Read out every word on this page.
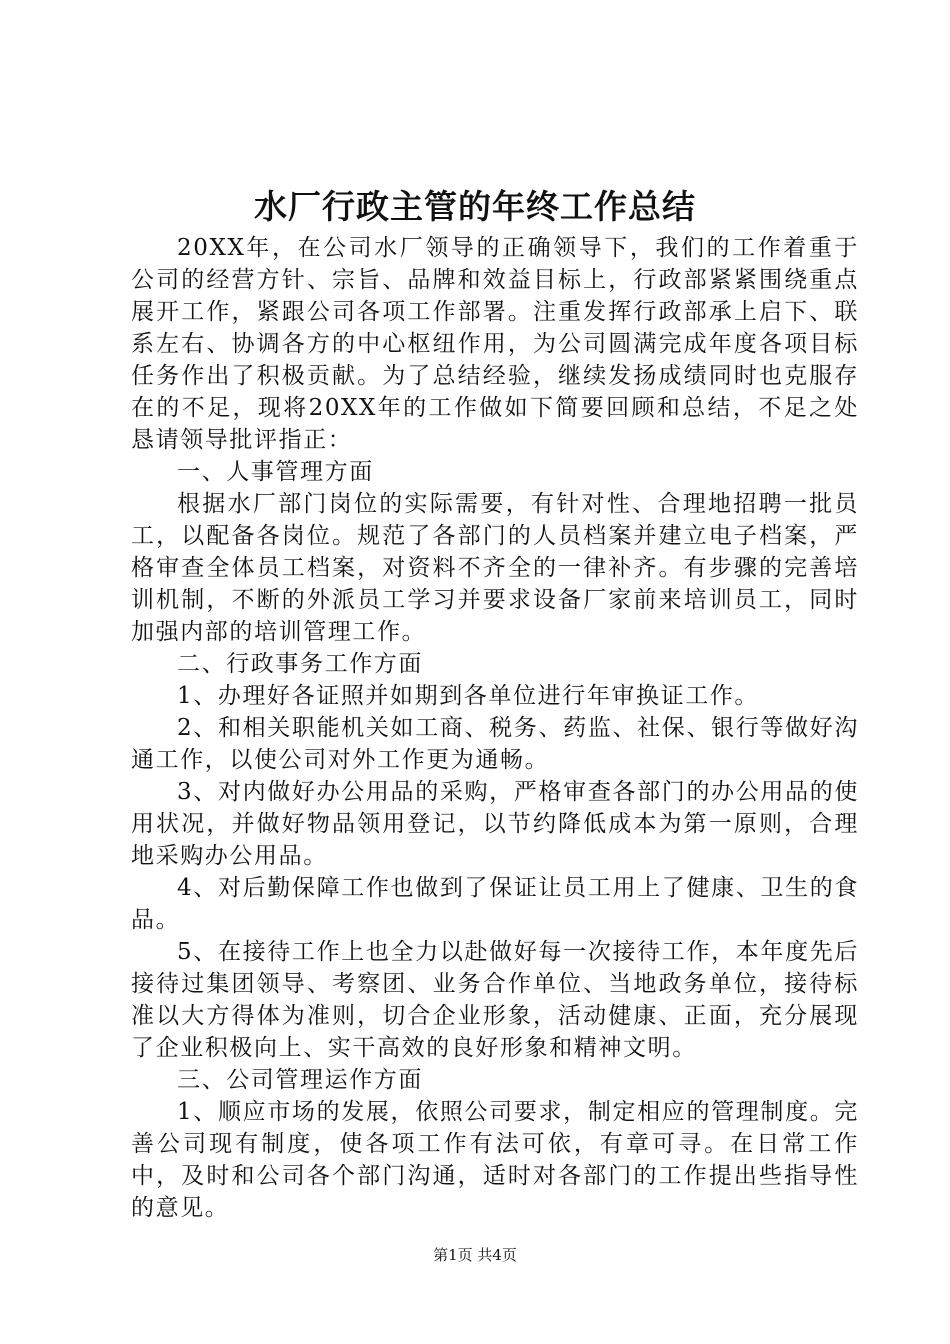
水厂行政主管的年终工作总结

20XX年，在公司水厂领导的正确领导下，我们的工作着重于公司的经营方针、宗旨、品牌和效益目标上，行政部紧紧围绕重点展开工作，紧跟公司各项工作部署。注重发挥行政部承上启下、联系左右、协调各方的中心枢纽作用，为公司圆满完成年度各项目标任务作出了积极贡献。为了总结经验，继续发扬成绩同时也克服存在的不足，现将20XX年的工作做如下简要回顾和总结，不足之处恳请领导批评指正：

一、人事管理方面

根据水厂部门岗位的实际需要，有针对性、合理地招聘一批员工，以配备各岗位。规范了各部门的人员档案并建立电子档案，严格审查全体员工档案，对资料不齐全的一律补齐。有步骤的完善培训机制，不断的外派员工学习并要求设备厂家前来培训员工，同时加强内部的培训管理工作。

二、行政事务工作方面

1、办理好各证照并如期到各单位进行年审换证工作。

2、和相关职能机关如工商、税务、药监、社保、银行等做好沟通工作，以使公司对外工作更为通畅。

3、对内做好办公用品的采购，严格审查各部门的办公用品的使用状况，并做好物品领用登记，以节约降低成本为第一原则，合理地采购办公用品。

4、对后勤保障工作也做到了保证让员工用上了健康、卫生的食品。

5、在接待工作上也全力以赴做好每一次接待工作，本年度先后接待过集团领导、考察团、业务合作单位、当地政务单位，接待标准以大方得体为准则，切合企业形象，活动健康、正面，充分展现了企业积极向上、实干高效的良好形象和精神文明。

三、公司管理运作方面

1、顺应市场的发展，依照公司要求，制定相应的管理制度。完善公司现有制度，使各项工作有法可依，有章可寻。在日常工作中，及时和公司各个部门沟通，适时对各部门的工作提出些指导性的意见。

第1页 共4页
